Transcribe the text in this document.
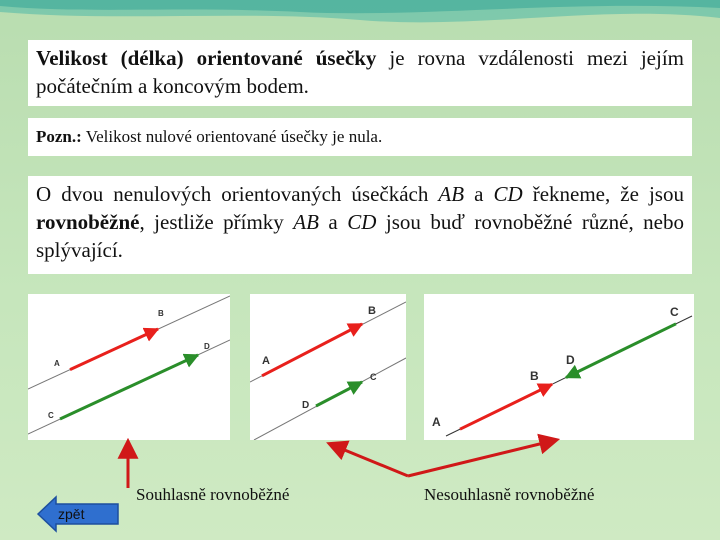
Velikost (délka) orientované úsečky je rovna vzdálenosti mezi jejím počátečním a koncovým bodem.
Pozn.: Velikost nulové orientované úsečky je nula.
O dvou nenulových orientovaných úsečkách AB a CD řekneme, že jsou rovnoběžné, jestliže přímky AB a CD jsou buď rovnoběžné různé, nebo splývající.
A
B
C
D
A
B
C
D
A
B
C
D
Souhlasně rovnoběžné	Nesouhlasně rovnoběžné
zpět
